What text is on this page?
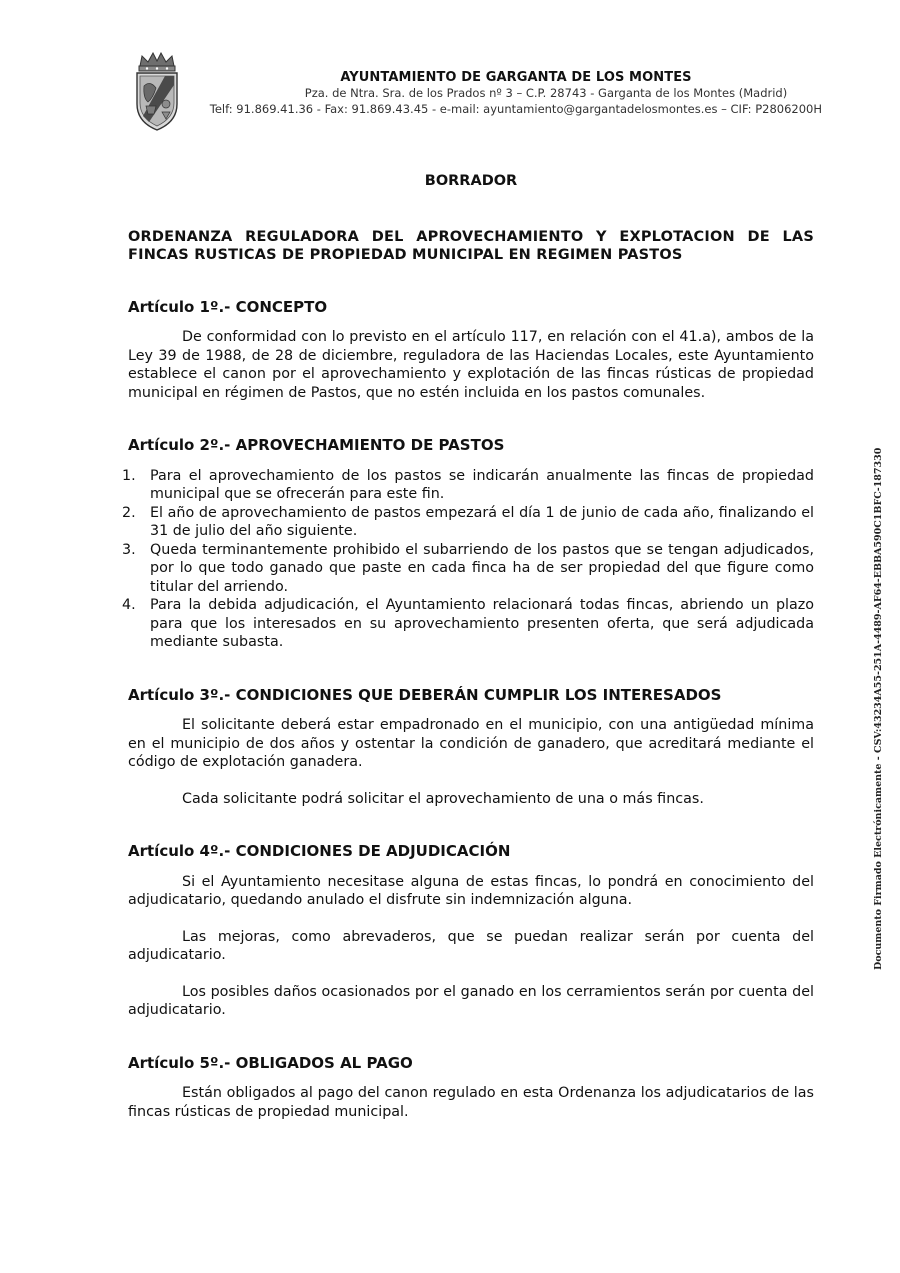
AYUNTAMIENTO DE GARGANTA DE LOS MONTES
Pza. de Ntra. Sra. de los Prados nº 3 – C.P. 28743 - Garganta de los Montes (Madrid)
Telf: 91.869.41.36 - Fax: 91.869.43.45 - e-mail: ayuntamiento@gargantadelosmontes.es – CIF: P2806200H
BORRADOR
ORDENANZA REGULADORA DEL APROVECHAMIENTO Y EXPLOTACION DE LAS FINCAS RUSTICAS DE PROPIEDAD MUNICIPAL EN REGIMEN PASTOS
Artículo 1º.- CONCEPTO

De conformidad con lo previsto en el artículo 117, en relación con el 41.a), ambos de la Ley 39 de 1988, de 28 de diciembre, reguladora de las Haciendas Locales, este Ayuntamiento establece el canon por el aprovechamiento y explotación de las fincas rústicas de propiedad municipal en régimen de Pastos, que no estén incluida en los pastos comunales.

Artículo 2º.- APROVECHAMIENTO DE PASTOS
1. Para el aprovechamiento de los pastos se indicarán anualmente las fincas de propiedad municipal que se ofrecerán para este fin.
2. El año de aprovechamiento de pastos empezará el día 1 de junio de cada año, finalizando el 31 de julio del año siguiente.
3. Queda terminantemente prohibido el subarriendo de los pastos que se tengan adjudicados, por lo que todo ganado que paste en cada finca ha de ser propiedad del que figure como titular del arriendo.
4. Para la debida adjudicación, el Ayuntamiento relacionará todas fincas, abriendo un plazo para que los interesados en su aprovechamiento presenten oferta, que será adjudicada mediante subasta.
Artículo 3º.- CONDICIONES QUE DEBERÁN CUMPLIR LOS INTERESADOS

El solicitante deberá estar empadronado en el municipio, con una antigüedad mínima en el municipio de dos años y ostentar la condición de ganadero, que acreditará mediante el código de explotación ganadera.

Cada solicitante podrá solicitar el aprovechamiento de una o más fincas.

Artículo 4º.- CONDICIONES DE ADJUDICACIÓN

Si el Ayuntamiento necesitase alguna de estas fincas, lo pondrá en conocimiento del adjudicatario, quedando anulado el disfrute sin indemnización alguna.

Las mejoras, como abrevaderos, que se puedan realizar serán por cuenta del adjudicatario.

Los posibles daños ocasionados por el ganado en los cerramientos serán por cuenta del adjudicatario.

Artículo 5º.- OBLIGADOS AL PAGO

Están obligados al pago del canon regulado en esta Ordenanza los adjudicatarios de las fincas rústicas de propiedad municipal.

Documento Firmado Electrónicamente - CSV:43234A55-251A-4489-AF64-EBBA590C1BFC-187330
